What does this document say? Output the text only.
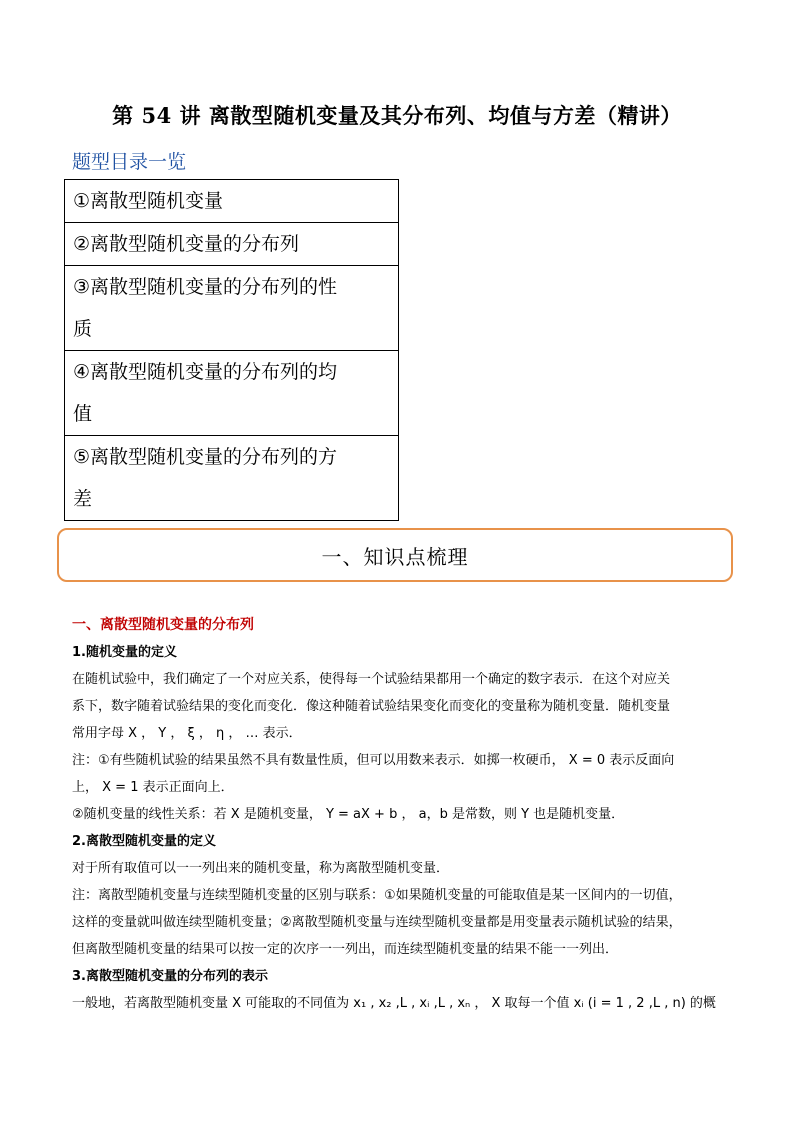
第 54 讲 离散型随机变量及其分布列、均值与方差（精讲）
题型目录一览
①离散型随机变量

②离散型随机变量的分布列

③离散型随机变量的分布列的性
质

④离散型随机变量的分布列的均
值

⑤离散型随机变量的分布列的方
差
一、知识点梳理

一、离散型随机变量的分布列

1.随机变量的定义

在随机试验中，我们确定了一个对应关系，使得每一个试验结果都用一个确定的数字表示．在这个对应关

系下，数字随着试验结果的变化而变化．像这种随着试验结果变化而变化的变量称为随机变量．随机变量

常用字母 X ， Y ， ξ ， η ， … 表示．

注：①有些随机试验的结果虽然不具有数量性质，但可以用数来表示．如掷一枚硬币， X = 0 表示反面向

上， X = 1 表示正面向上．

②随机变量的线性关系：若 X 是随机变量， Y = aX + b ， a，b 是常数，则 Y 也是随机变量．

2.离散型随机变量的定义

对于所有取值可以一一列出来的随机变量，称为离散型随机变量．

注：离散型随机变量与连续型随机变量的区别与联系：①如果随机变量的可能取值是某一区间内的一切值，

这样的变量就叫做连续型随机变量；②离散型随机变量与连续型随机变量都是用变量表示随机试验的结果，

但离散型随机变量的结果可以按一定的次序一一列出，而连续型随机变量的结果不能一一列出．

3.离散型随机变量的分布列的表示

一般地，若离散型随机变量 X 可能取的不同值为 x₁ , x₂ ,L , xᵢ ,L , xₙ ， X 取每一个值 xᵢ (i = 1 , 2 ,L , n) 的概
